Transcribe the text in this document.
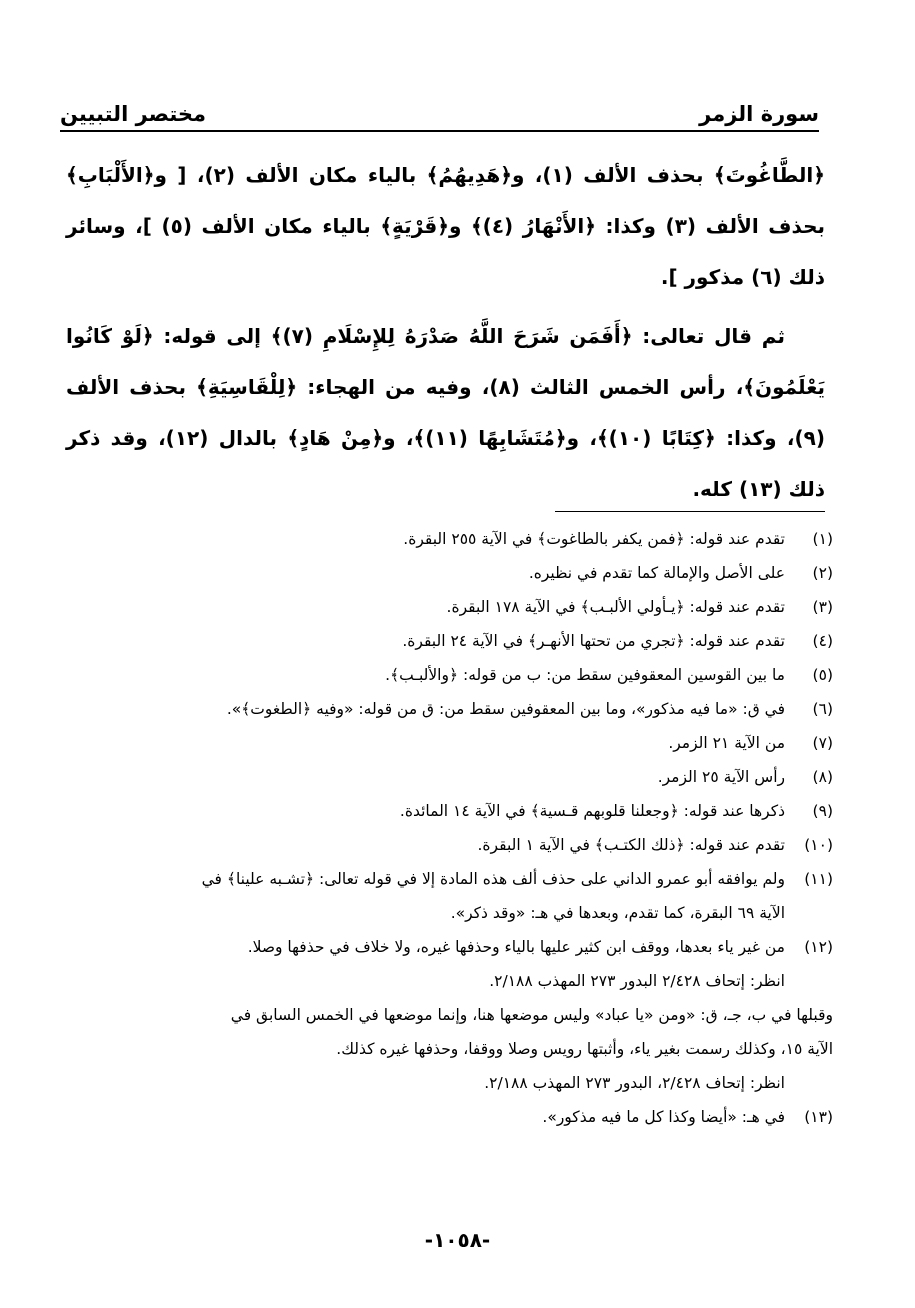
سورة الزمر
مختصر التبيين

﴿الطَّاغُوتَ﴾ بحذف الألف (١)، و﴿هَدِيهُمُ﴾ بالياء مكان الألف (٢)، [ و﴿الأَلْبَابِ﴾ بحذف الألف (٣) وكذا: ﴿الأَنْهَارُ (٤)﴾ و﴿قَرْيَةٍ﴾ بالياء مكان الألف (٥) ]، وسائر ذلك (٦) مذكور ].

ثم قال تعالى: ﴿أَفَمَن شَرَحَ اللَّهُ صَدْرَهُ لِلإِسْلَامِ (٧)﴾ إلى قوله: ﴿لَوْ كَانُوا يَعْلَمُونَ﴾، رأس الخمس الثالث (٨)، وفيه من الهجاء: ﴿لِلْقَاسِيَةِ﴾ بحذف الألف (٩)، وكذا: ﴿كِتَابًا (١٠)﴾، و﴿مُتَشَابِهًا (١١)﴾، و﴿مِنْ هَادٍ﴾ بالدال (١٢)، وقد ذكر ذلك (١٣) كله.

(١)
تقدم عند قوله: ﴿فمن يكفر بالطاغوت﴾ في الآية ٢٥٥ البقرة.
(٢)
على الأصل والإمالة كما تقدم في نظيره.
(٣)
تقدم عند قوله: ﴿يـأولي الألبـب﴾ في الآية ١٧٨ البقرة.
(٤)
تقدم عند قوله: ﴿تجري من تحتها الأنهـر﴾ في الآية ٢٤ البقرة.
(٥)
ما بين القوسين المعقوفين سقط من: ب من قوله: ﴿والألبـب﴾.
(٦)
في ق: «ما فيه مذكور»، وما بين المعقوفين سقط من: ق من قوله: «وفيه ﴿الطغوت﴾».
(٧)
من الآية ٢١ الزمر.
(٨)
رأس الآية ٢٥ الزمر.
(٩)
ذكرها عند قوله: ﴿وجعلنا قلوبهم قـسية﴾ في الآية ١٤ المائدة.
(١٠)
تقدم عند قوله: ﴿ذلك الكتـب﴾ في الآية ١ البقرة.
(١١)
ولم يوافقه أبو عمرو الداني على حذف ألف هذه المادة إلا في قوله تعالى: ﴿تشـبه علينا﴾ في
الآية ٦٩ البقرة، كما تقدم، وبعدها في هـ: «وقد ذكر».
(١٢)
من غير ياء بعدها، ووقف ابن كثير عليها بالياء وحذفها غيره، ولا خلاف في حذفها وصلا.
انظر: إتحاف ٢/٤٢٨ البدور ٢٧٣ المهذب ٢/١٨٨.
وقبلها في ب، جـ، ق: «ومن «يا عباد» وليس موضعها هنا، وإنما موضعها في الخمس السابق في
الآية ١٥، وكذلك رسمت بغير ياء، وأثبتها رويس وصلا ووقفا، وحذفها غيره كذلك.
انظر: إتحاف ٢/٤٢٨، البدور ٢٧٣ المهذب ٢/١٨٨.
(١٣)
في هـ: «أيضا وكذا كل ما فيه مذكور».
-١٠٥٨-
